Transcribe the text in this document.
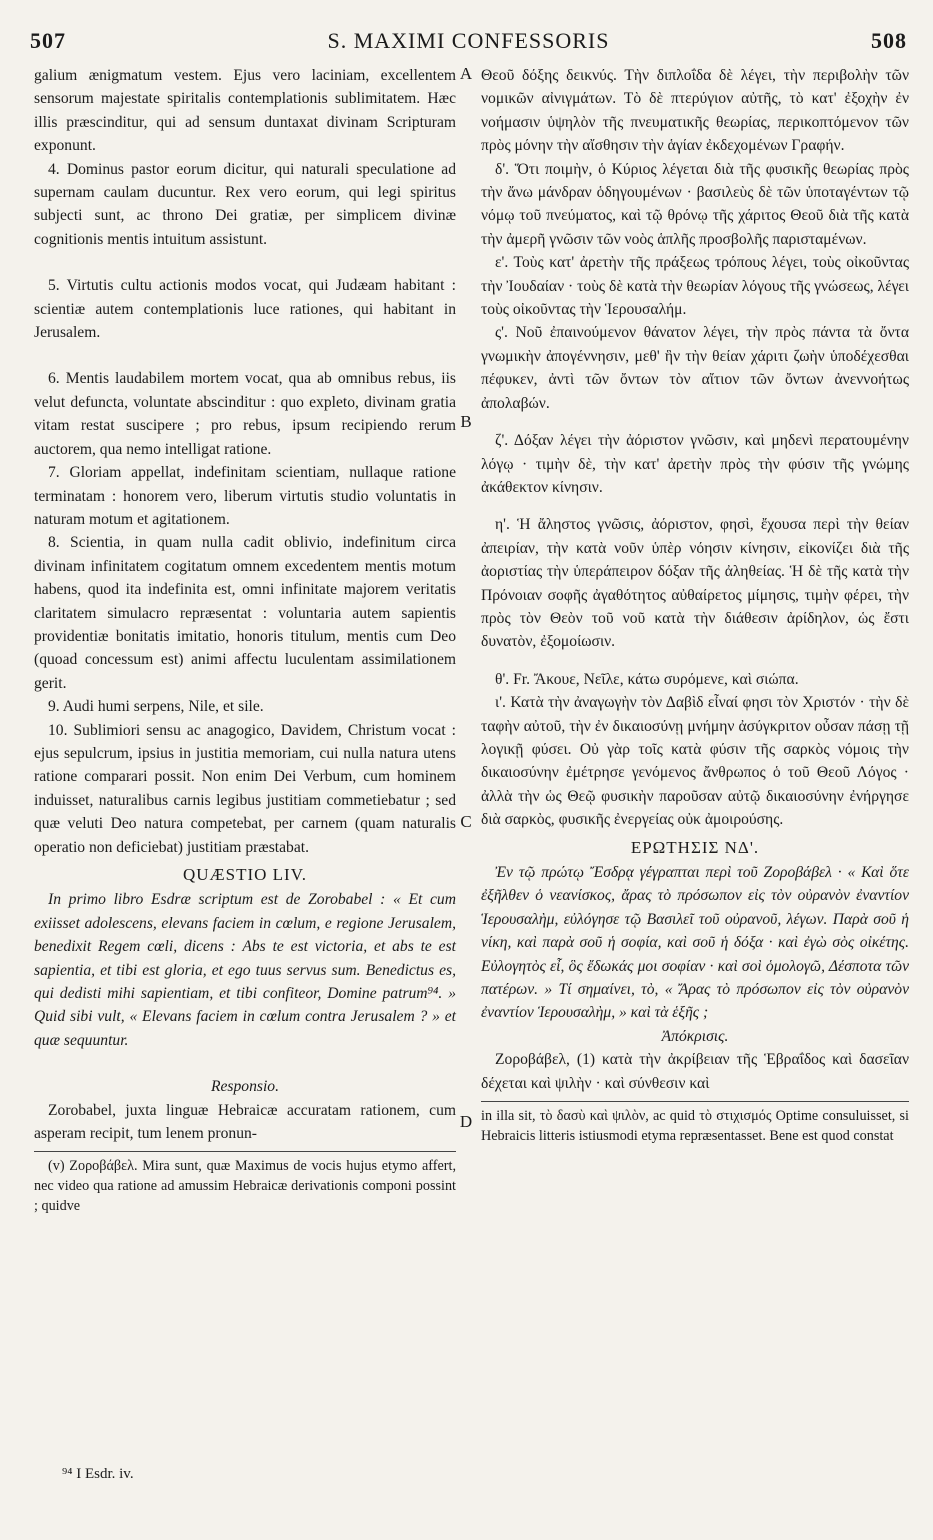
507	S. MAXIMI CONFESSORIS	508
A
B
C
D

galium ænigmatum vestem. Ejus vero laciniam, excellentem sensorum majestate spiritalis contemplationis sublimitatem. Hæc illis præscinditur, qui ad sensum duntaxat divinam Scripturam exponunt.

4. Dominus pastor eorum dicitur, qui naturali speculatione ad supernam caulam ducuntur. Rex vero eorum, qui legi spiritus subjecti sunt, ac throno Dei gratiæ, per simplicem divinæ cognitionis mentis intuitum assistunt.

5. Virtutis cultu actionis modos vocat, qui Judæam habitant : scientiæ autem contemplationis luce rationes, qui habitant in Jerusalem.

6. Mentis laudabilem mortem vocat, qua ab omnibus rebus, iis velut defuncta, voluntate abscinditur : quo expleto, divinam gratia vitam restat suscipere ; pro rebus, ipsum recipiendo rerum auctorem, qua nemo intelligat ratione.

7. Gloriam appellat, indefinitam scientiam, nullaque ratione terminatam : honorem vero, liberum virtutis studio voluntatis in naturam motum et agitationem.

8. Scientia, in quam nulla cadit oblivio, indefinitum circa divinam infinitatem cogitatum omnem excedentem mentis motum habens, quod ita indefinita est, omni infinitate majorem veritatis claritatem simulacro repræsentat : voluntaria autem sapientis providentiæ bonitatis imitatio, honoris titulum, mentis cum Deo (quoad concessum est) animi affectu luculentam assimilationem gerit.

9. Audi humi serpens, Nile, et sile.

10. Sublimiori sensu ac anagogico, Davidem, Christum vocat : ejus sepulcrum, ipsius in justitia memoriam, cui nulla natura utens ratione comparari possit. Non enim Dei Verbum, cum hominem induisset, naturalibus carnis legibus justitiam commetiebatur ; sed quæ veluti Deo natura competebat, per carnem (quam naturalis operatio non deficiebat) justitiam præstabat.

QUÆSTIO LIV.

In primo libro Esdræ scriptum est de Zorobabel : « Et cum exiisset adolescens, elevans faciem in cœlum, e regione Jerusalem, benedixit Regem cœli, dicens : Abs te est victoria, et abs te est sapientia, et tibi est gloria, et ego tuus servus sum. Benedictus es, qui dedisti mihi sapientiam, et tibi confiteor, Domine patrum⁹⁴. » Quid sibi vult, « Elevans faciem in cœlum contra Jerusalem ? » et quæ sequuntur.

Responsio.

Zorobabel, juxta linguæ Hebraicæ accuratam rationem, cum asperam recipit, tum lenem pronun-

(v) Ζοροβάβελ. Mira sunt, quæ Maximus de vocis hujus etymo affert, nec video qua ratione ad amussim Hebraicæ derivationis componi possint ; quidve

Θεοῦ δόξης δεικνύς. Τὴν διπλοΐδα δὲ λέγει, τὴν περιβολὴν τῶν νομικῶν αἰνιγμάτων. Τὸ δὲ πτερύγιον αὐτῆς, τὸ κατ' ἐξοχὴν ἐν νοήμασιν ὑψηλὸν τῆς πνευματικῆς θεωρίας, περικοπτόμενον τῶν πρὸς μόνην τὴν αἴσθησιν τὴν ἁγίαν ἐκδεχομένων Γραφήν.

δ'. Ὅτι ποιμὴν, ὁ Κύριος λέγεται διὰ τῆς φυσικῆς θεωρίας πρὸς τὴν ἄνω μάνδραν ὁδηγουμένων · βασιλεὺς δὲ τῶν ὑποταγέντων τῷ νόμῳ τοῦ πνεύματος, καὶ τῷ θρόνῳ τῆς χάριτος Θεοῦ διὰ τῆς κατὰ τὴν ἀμερῆ γνῶσιν τῶν νοὸς ἁπλῆς προσβολῆς παρισταμένων.

ε'. Τοὺς κατ' ἀρετὴν τῆς πράξεως τρόπους λέγει, τοὺς οἰκοῦντας τὴν Ἰουδαίαν · τοὺς δὲ κατὰ τὴν θεωρίαν λόγους τῆς γνώσεως, λέγει τοὺς οἰκοῦντας τὴν Ἱερουσαλήμ.

ς'. Νοῦ ἐπαινούμενον θάνατον λέγει, τὴν πρὸς πάντα τὰ ὄντα γνωμικὴν ἀπογέννησιν, μεθ' ἣν τὴν θείαν χάριτι ζωὴν ὑποδέχεσθαι πέφυκεν, ἀντὶ τῶν ὄντων τὸν αἴτιον τῶν ὄντων ἀνεννοήτως ἀπολαβών.

ζ'. Δόξαν λέγει τὴν ἀόριστον γνῶσιν, καὶ μηδενὶ περατουμένην λόγῳ · τιμὴν δὲ, τὴν κατ' ἀρετὴν πρὸς τὴν φύσιν τῆς γνώμης ἀκάθεκτον κίνησιν.

η'. Ἡ ἄληστος γνῶσις, ἀόριστον, φησὶ, ἔχουσα περὶ τὴν θείαν ἀπειρίαν, τὴν κατὰ νοῦν ὑπὲρ νόησιν κίνησιν, εἰκονίζει διὰ τῆς ἀοριστίας τὴν ὑπεράπειρον δόξαν τῆς ἀληθείας. Ἡ δὲ τῆς κατὰ τὴν Πρόνοιαν σοφῆς ἀγαθότητος αὐθαίρετος μίμησις, τιμὴν φέρει, τὴν πρὸς τὸν Θεὸν τοῦ νοῦ κατὰ τὴν διάθεσιν ἀρίδηλον, ὡς ἔστι δυνατὸν, ἐξομοίωσιν.

θ'. Fr. Ἄκουε, Νεῖλε, κάτω συρόμενε, καὶ σιώπα.

ι'. Κατὰ τὴν ἀναγωγὴν τὸν Δαβὶδ εἶναί φησι τὸν Χριστόν · τὴν δὲ ταφὴν αὐτοῦ, τὴν ἐν δικαιοσύνῃ μνήμην ἀσύγκριτον οὖσαν πάσῃ τῇ λογικῇ φύσει. Οὐ γὰρ τοῖς κατὰ φύσιν τῆς σαρκὸς νόμοις τὴν δικαιοσύνην ἐμέτρησε γενόμενος ἄνθρωπος ὁ τοῦ Θεοῦ Λόγος · ἀλλὰ τὴν ὡς Θεῷ φυσικὴν παροῦσαν αὐτῷ δικαιοσύνην ἐνήργησε διὰ σαρκὸς, φυσικῆς ἐνεργείας οὐκ ἀμοιρούσης.

ΕΡΩΤΗΣΙΣ ΝΔ'.

Ἐν τῷ πρώτῳ Ἔσδρᾳ γέγραπται περὶ τοῦ Ζοροβάβελ · « Καὶ ὅτε ἐξῆλθεν ὁ νεανίσκος, ἄρας τὸ πρόσωπον εἰς τὸν οὐρανὸν ἐναντίον Ἱερουσαλὴμ, εὐλόγησε τῷ Βασιλεῖ τοῦ οὐρανοῦ, λέγων. Παρὰ σοῦ ἡ νίκη, καὶ παρὰ σοῦ ἡ σοφία, καὶ σοῦ ἡ δόξα · καὶ ἐγὼ σὸς οἰκέτης. Εὐλογητὸς εἶ, ὃς ἔδωκάς μοι σοφίαν · καὶ σοὶ ὁμολογῶ, Δέσποτα τῶν πατέρων. » Τί σημαίνει, τὸ, « Ἄρας τὸ πρόσωπον εἰς τὸν οὐρανὸν ἐναντίον Ἱερουσαλὴμ, » καὶ τὰ ἑξῆς ;

Ἀπόκρισις.

Ζοροβάβελ, (1) κατὰ τὴν ἀκρίβειαν τῆς Ἑβραΐδος καὶ δασεῖαν δέχεται καὶ ψιλὴν · καὶ σύνθεσιν καὶ

in illa sit, τὸ δασὺ καὶ ψιλὸν, ac quid τὸ στιχισμός Optime consuluisset, si Hebraicis litteris istiusmodi etyma repræsentasset. Bene est quod constat

⁹⁴ I Esdr. iv.
